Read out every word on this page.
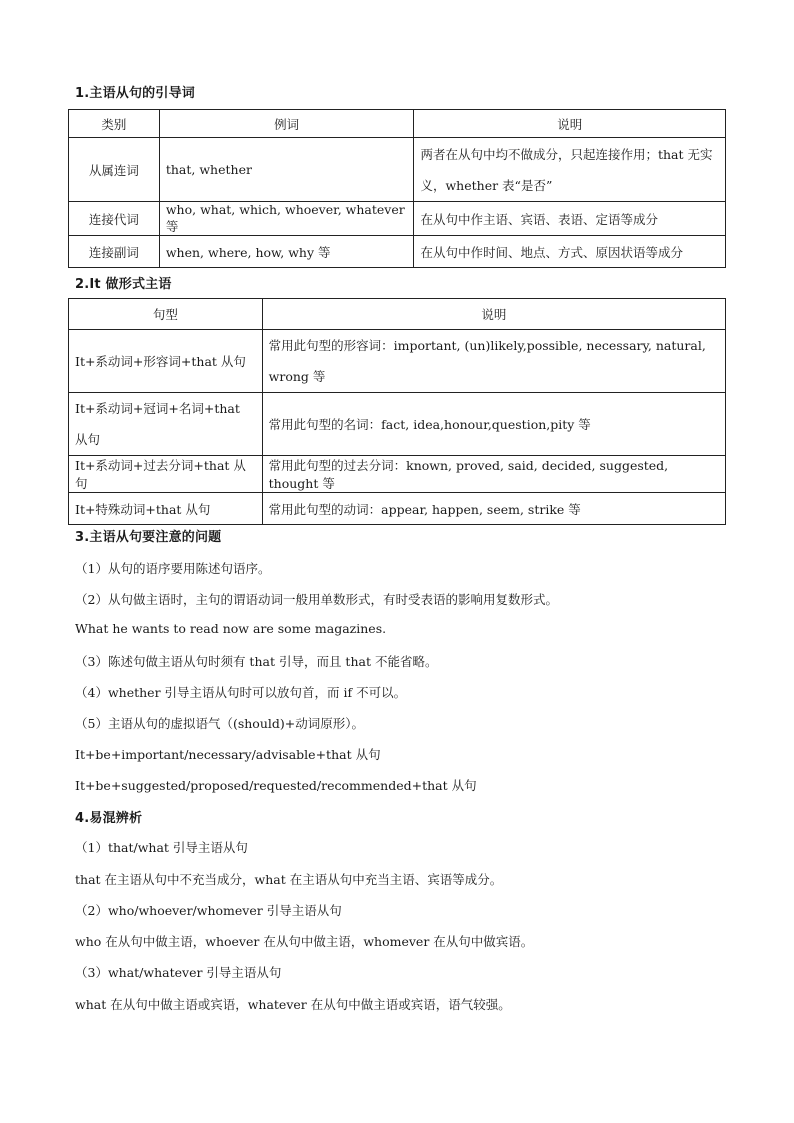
1.主语从句的引导词
类别	例词	说明
从属连词	that, whether	两者在从句中均不做成分，只起连接作用；that 无实义，whether 表“是否”
连接代词	who, what, which, whoever, whatever 等	在从句中作主语、宾语、表语、定语等成分
连接副词	when, where, how, why 等	在从句中作时间、地点、方式、原因状语等成分
2.It 做形式主语
句型	说明
It+系动词+形容词+that 从句	常用此句型的形容词：important, (un)likely,possible, necessary, natural, wrong 等
It+系动词+冠词+名词+that 从句	常用此句型的名词：fact, idea,honour,question,pity 等
It+系动词+过去分词+that 从句	常用此句型的过去分词：known, proved, said, decided, suggested, thought 等
It+特殊动词+that 从句	常用此句型的动词：appear, happen, seem, strike 等
3.主语从句要注意的问题
（1）从句的语序要用陈述句语序。
（2）从句做主语时，主句的谓语动词一般用单数形式，有时受表语的影响用复数形式。
What he wants to read now are some magazines.
（3）陈述句做主语从句时须有 that 引导，而且 that 不能省略。
（4）whether 引导主语从句时可以放句首，而 if 不可以。
（5）主语从句的虚拟语气（(should)+动词原形）。
It+be+important/necessary/advisable+that 从句
It+be+suggested/proposed/requested/recommended+that 从句
4.易混辨析
（1）that/what 引导主语从句
that 在主语从句中不充当成分，what 在主语从句中充当主语、宾语等成分。
（2）who/whoever/whomever 引导主语从句
who 在从句中做主语，whoever 在从句中做主语，whomever 在从句中做宾语。
（3）what/whatever 引导主语从句
what 在从句中做主语或宾语，whatever 在从句中做主语或宾语，语气较强。
